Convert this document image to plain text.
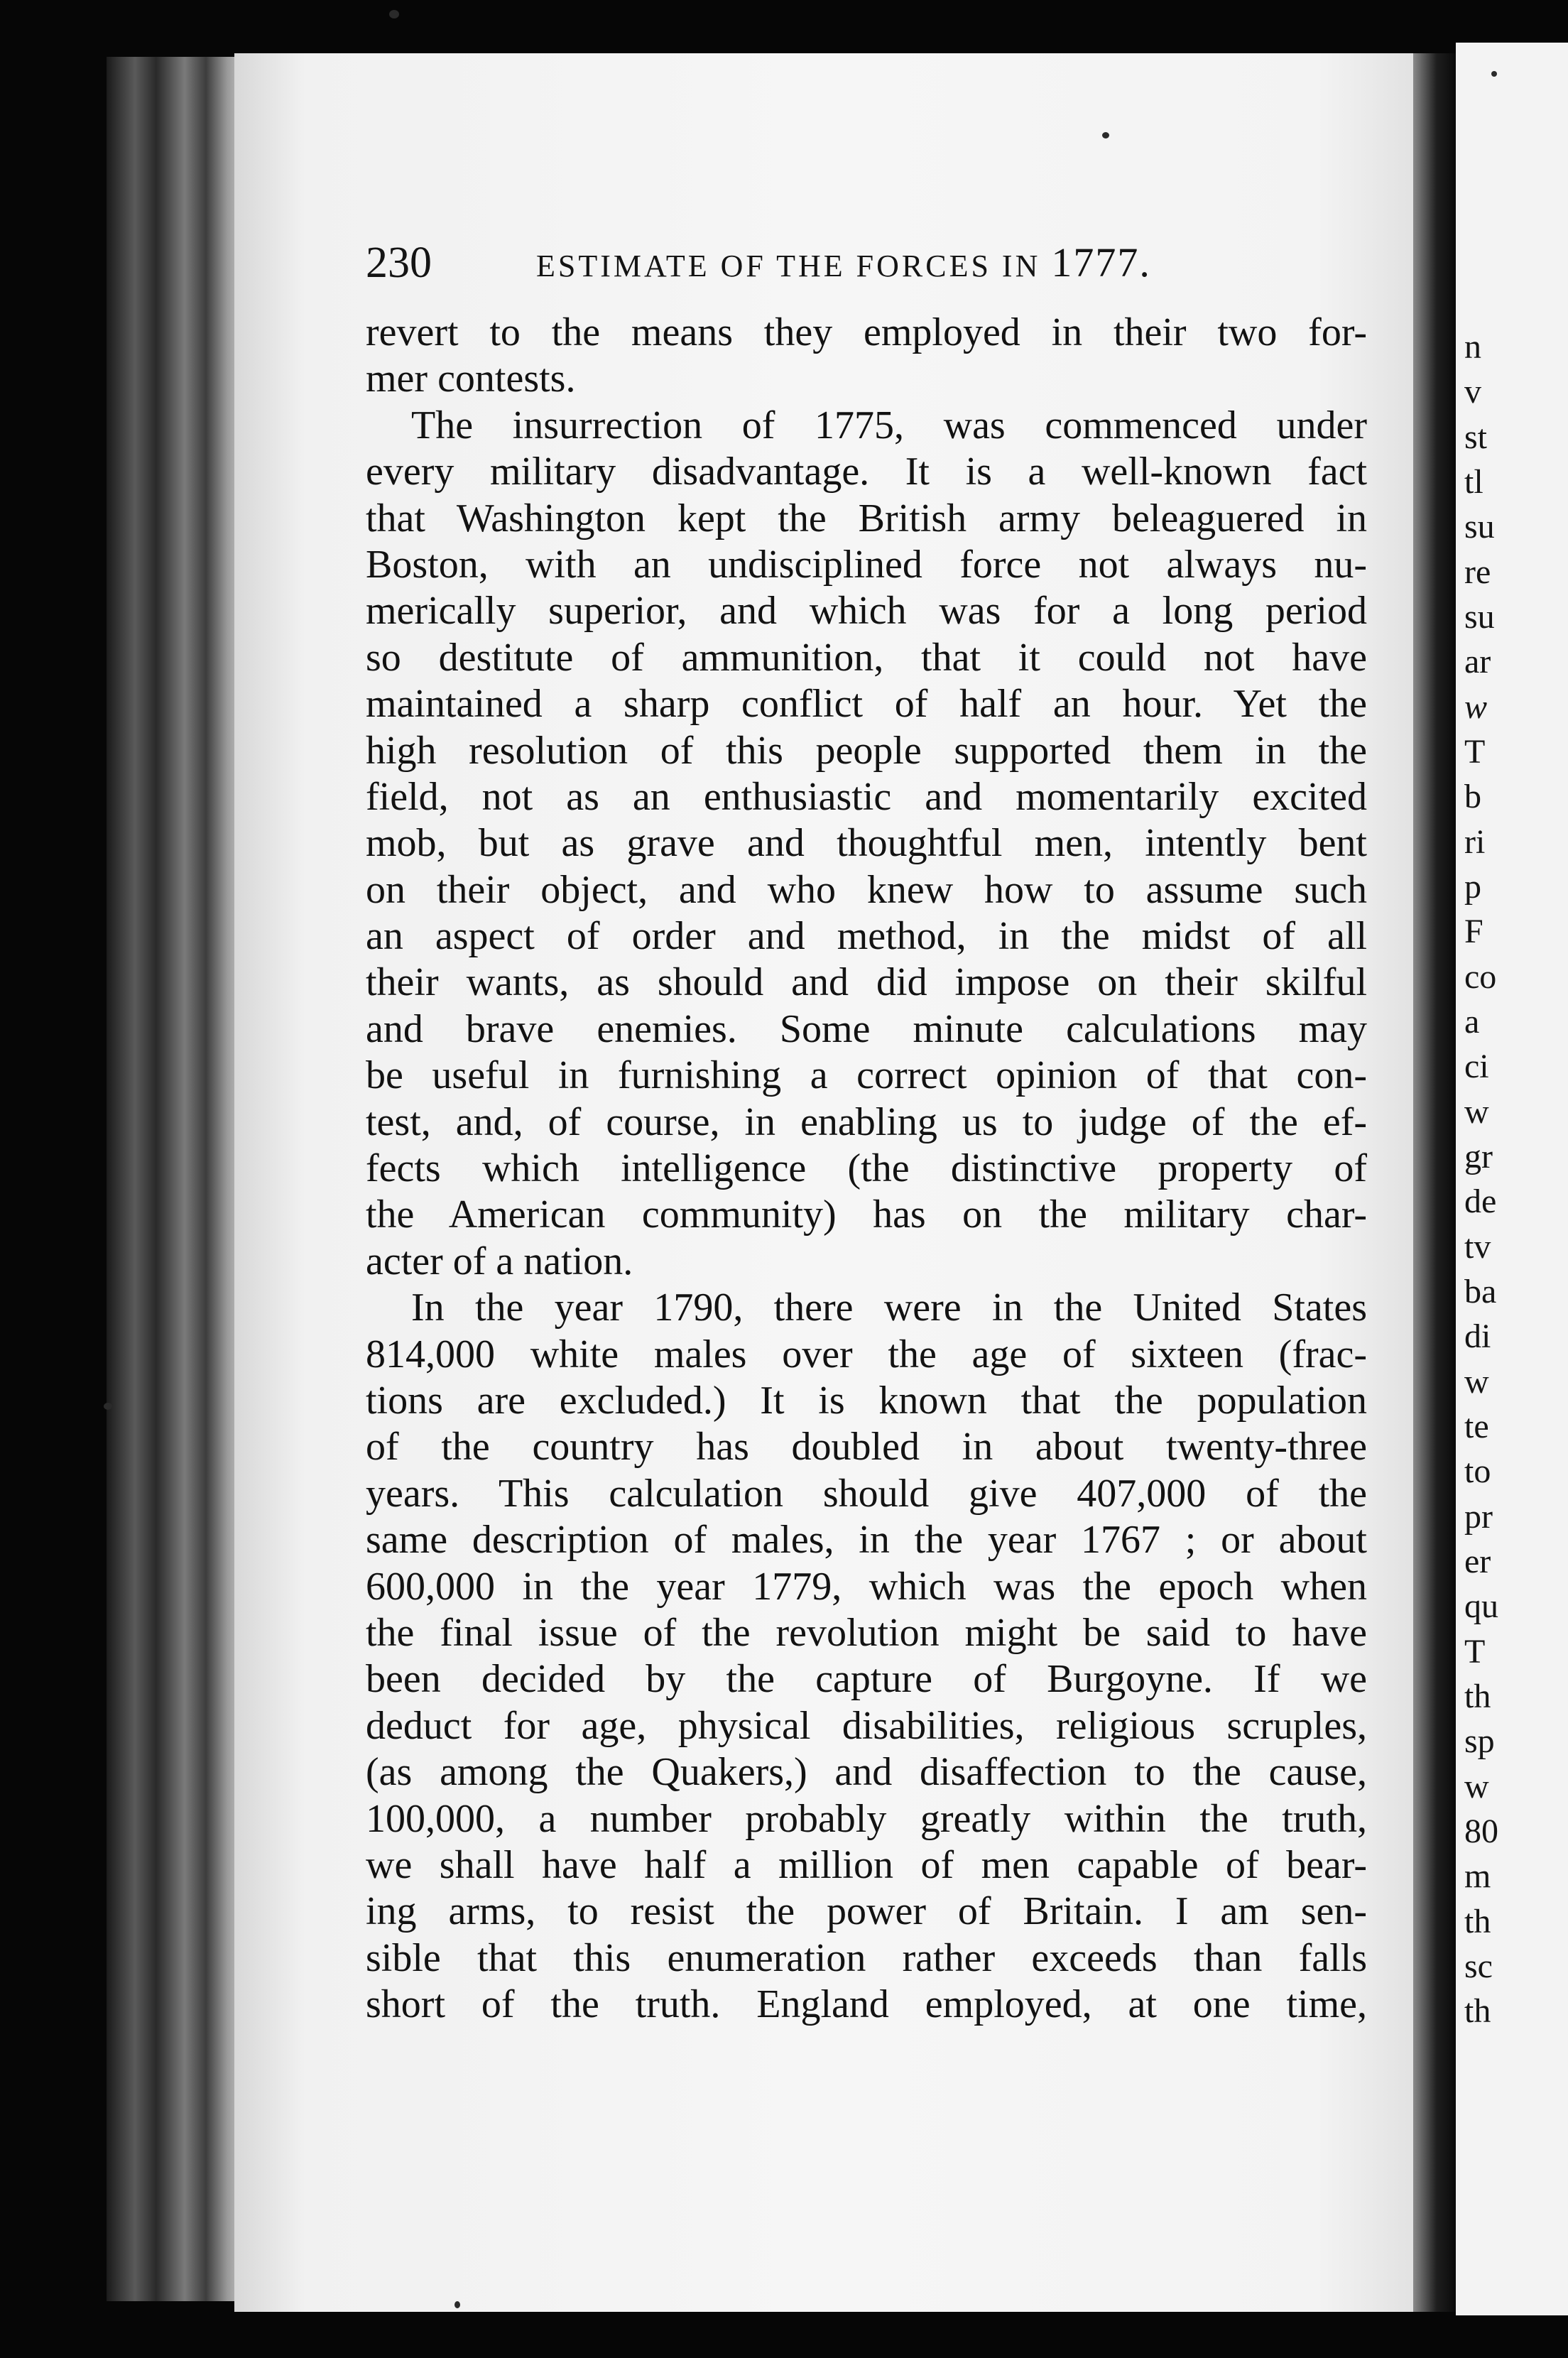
n
v
st
tl
su
re
su
ar
w
T
b
ri
p
F
co
a
ci
w
gr
de
tv
ba
di
w
te
to
pr
er
qu
T
th
sp
w
80
m
th
sc
th
230	ESTIMATE OF THE FORCES IN 1777.
revert to the means they employed in their two for-
mer contests.
The insurrection of 1775, was commenced under
every military disadvantage. It is a well-known fact
that Washington kept the British army beleaguered in
Boston, with an undisciplined force not always nu-
merically superior, and which was for a long period
so destitute of ammunition, that it could not have
maintained a sharp conflict of half an hour. Yet the
high resolution of this people supported them in the
field, not as an enthusiastic and momentarily excited
mob, but as grave and thoughtful men, intently bent
on their object, and who knew how to assume such
an aspect of order and method, in the midst of all
their wants, as should and did impose on their skilful
and brave enemies. Some minute calculations may
be useful in furnishing a correct opinion of that con-
test, and, of course, in enabling us to judge of the ef-
fects which intelligence (the distinctive property of
the American community) has on the military char-
acter of a nation.
In the year 1790, there were in the United States
814,000 white males over the age of sixteen (frac-
tions are excluded.) It is known that the population
of the country has doubled in about twenty-three
years. This calculation should give 407,000 of the
same description of males, in the year 1767 ; or about
600,000 in the year 1779, which was the epoch when
the final issue of the revolution might be said to have
been decided by the capture of Burgoyne. If we
deduct for age, physical disabilities, religious scruples,
(as among the Quakers,) and disaffection to the cause,
100,000, a number probably greatly within the truth,
we shall have half a million of men capable of bear-
ing arms, to resist the power of Britain. I am sen-
sible that this enumeration rather exceeds than falls
short of the truth. England employed, at one time,
